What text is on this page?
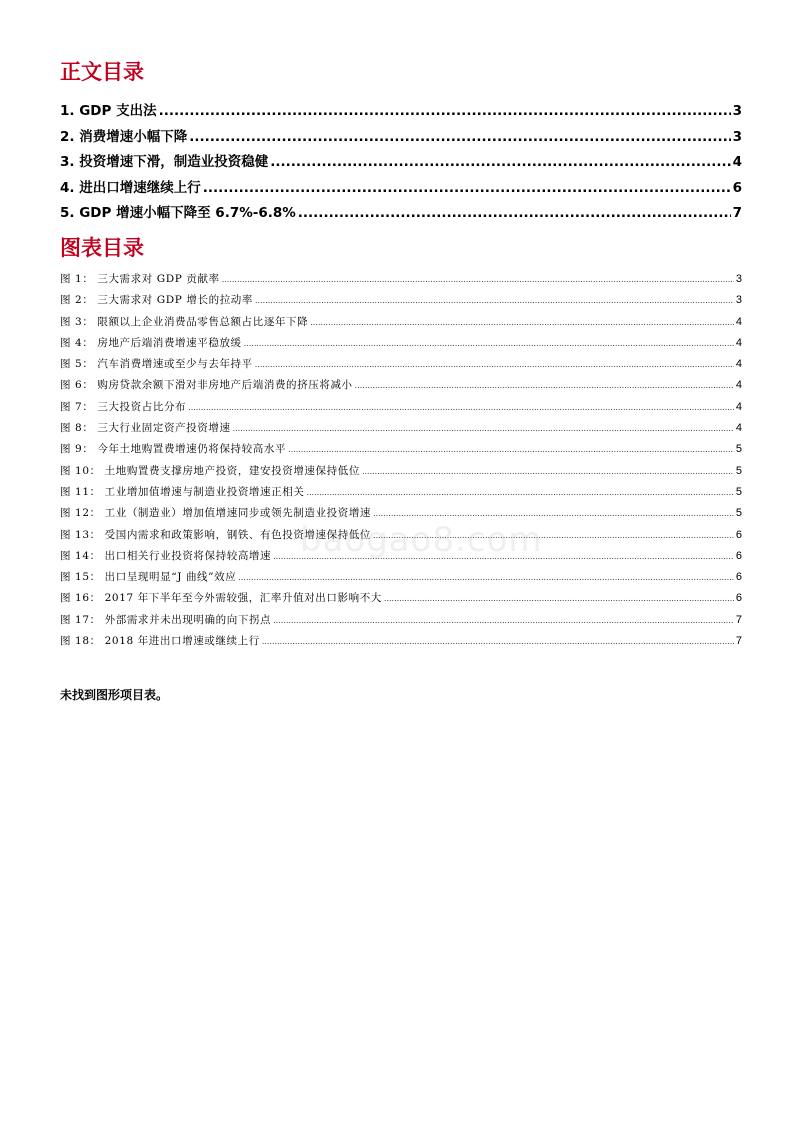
正文目录
1. GDP 支出法 .....	3
2. 消费增速小幅下降 .....	3
3. 投资增速下滑，制造业投资稳健 .....	4
4. 进出口增速继续上行 .....	6
5. GDP 增速小幅下降至 6.7%-6.8% .....	7
图表目录
图 1： 三大需求对 GDP 贡献率 .....	3
图 2： 三大需求对 GDP 增长的拉动率 .....	3
图 3： 限额以上企业消费品零售总额占比逐年下降 .....	4
图 4： 房地产后端消费增速平稳放缓 .....	4
图 5： 汽车消费增速或至少与去年持平 .....	4
图 6： 购房贷款余额下滑对非房地产后端消费的挤压将减小 .....	4
图 7： 三大投资占比分布 .....	4
图 8： 三大行业固定资产投资增速 .....	4
图 9： 今年土地购置费增速仍将保持较高水平 .....	5
图 10： 土地购置费支撑房地产投资，建安投资增速保持低位 .....	5
图 11： 工业增加值增速与制造业投资增速正相关 .....	5
图 12： 工业（制造业）增加值增速同步或领先制造业投资增速 .....	5
图 13： 受国内需求和政策影响，钢铁、有色投资增速保持低位 .....	6
图 14： 出口相关行业投资将保持较高增速 .....	6
图 15： 出口呈现明显“J 曲线”效应 .....	6
图 16： 2017 年下半年至今外需较强，汇率升值对出口影响不大 .....	6
图 17： 外部需求并未出现明确的向下拐点 .....	7
图 18： 2018 年进出口增速或继续上行 .....	7
未找到图形项目表。
baogao8.com
